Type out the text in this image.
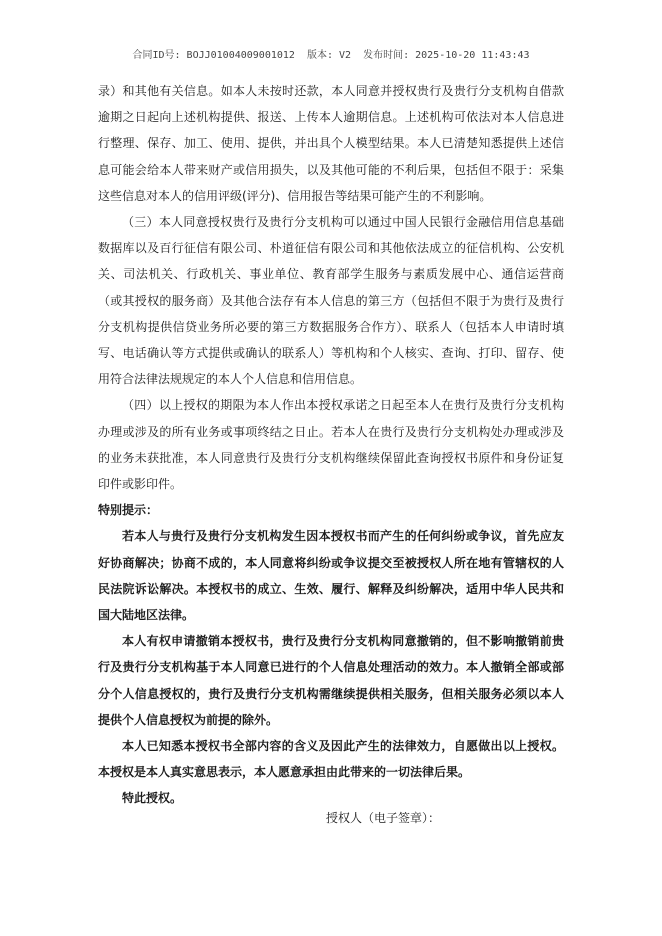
合同ID号: BOJJ01004009001012  版本: V2  发布时间: 2025-10-20 11:43:43

录）和其他有关信息。如本人未按时还款，本人同意并授权贵行及贵行分支机构自借款逾期之日起向上述机构提供、报送、上传本人逾期信息。上述机构可依法对本人信息进行整理、保存、加工、使用、提供，并出具个人模型结果。本人已清楚知悉提供上述信息可能会给本人带来财产或信用损失，以及其他可能的不利后果，包括但不限于：采集这些信息对本人的信用评级(评分)、信用报告等结果可能产生的不利影响。

（三）本人同意授权贵行及贵行分支机构可以通过中国人民银行金融信用信息基础数据库以及百行征信有限公司、朴道征信有限公司和其他依法成立的征信机构、公安机关、司法机关、行政机关、事业单位、教育部学生服务与素质发展中心、通信运营商（或其授权的服务商）及其他合法存有本人信息的第三方（包括但不限于为贵行及贵行分支机构提供信贷业务所必要的第三方数据服务合作方）、联系人（包括本人申请时填写、电话确认等方式提供或确认的联系人）等机构和个人核实、查询、打印、留存、使用符合法律法规规定的本人个人信息和信用信息。

（四）以上授权的期限为本人作出本授权承诺之日起至本人在贵行及贵行分支机构办理或涉及的所有业务或事项终结之日止。若本人在贵行及贵行分支机构处办理或涉及的业务未获批准，本人同意贵行及贵行分支机构继续保留此查询授权书原件和身份证复印件或影印件。

特别提示：

若本人与贵行及贵行分支机构发生因本授权书而产生的任何纠纷或争议，首先应友好协商解决；协商不成的，本人同意将纠纷或争议提交至被授权人所在地有管辖权的人民法院诉讼解决。本授权书的成立、生效、履行、解释及纠纷解决，适用中华人民共和国大陆地区法律。

本人有权申请撤销本授权书，贵行及贵行分支机构同意撤销的，但不影响撤销前贵行及贵行分支机构基于本人同意已进行的个人信息处理活动的效力。本人撤销全部或部分个人信息授权的，贵行及贵行分支机构需继续提供相关服务，但相关服务必须以本人提供个人信息授权为前提的除外。

本人已知悉本授权书全部内容的含义及因此产生的法律效力，自愿做出以上授权。本授权是本人真实意思表示，本人愿意承担由此带来的一切法律后果。

特此授权。

授权人（电子签章）：
